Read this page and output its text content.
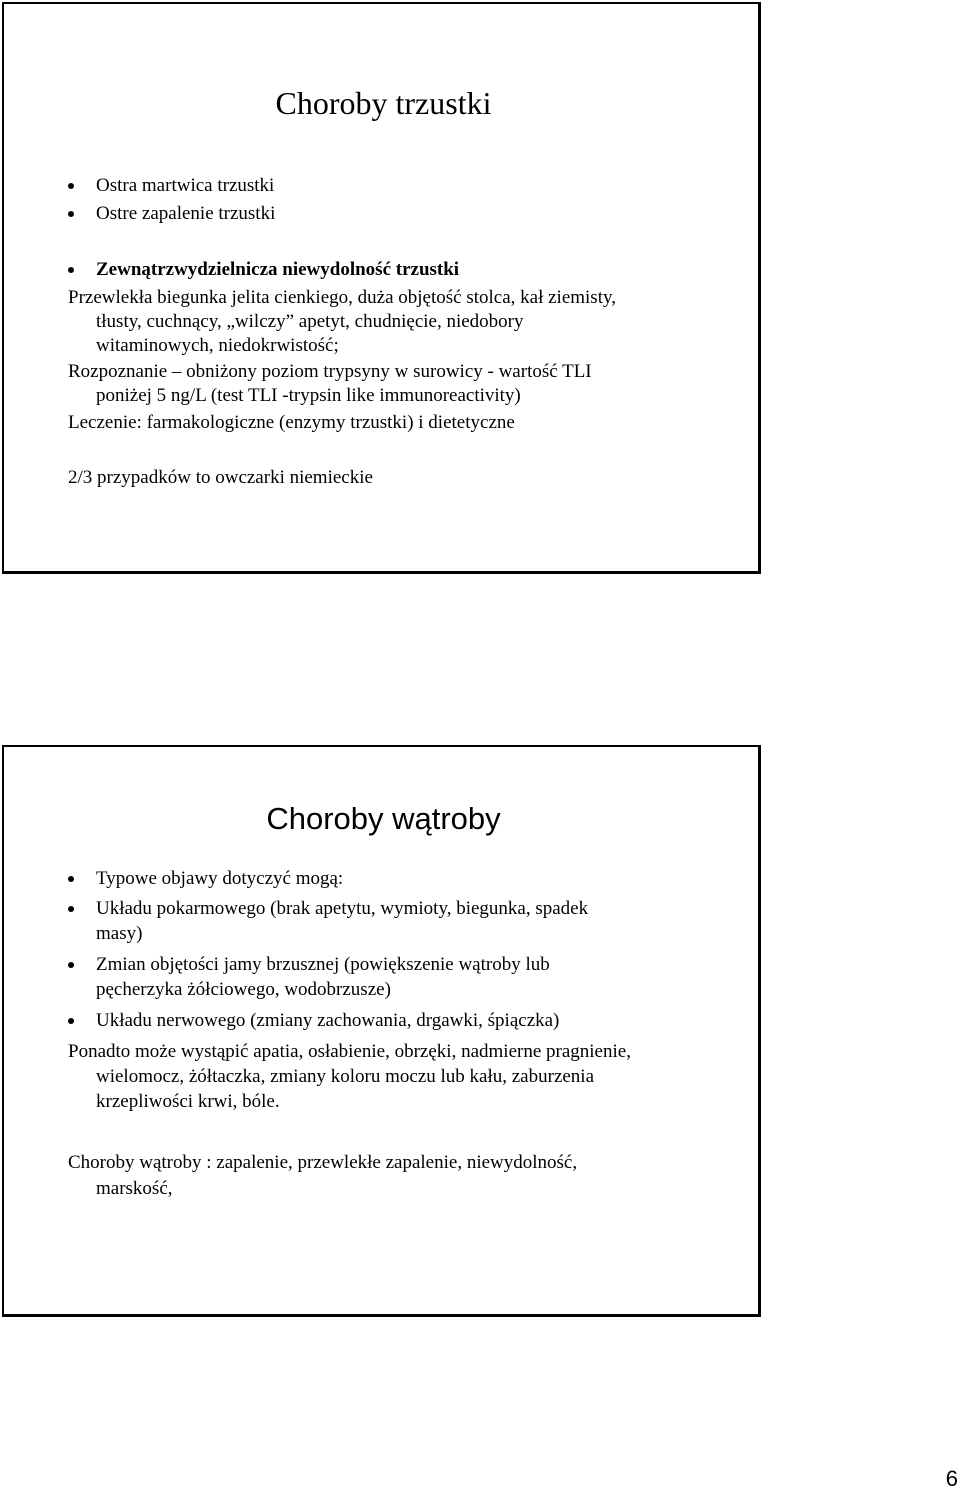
Choroby trzustki
Ostra martwica trzustki
Ostre zapalenie trzustki
Zewnątrzwydzielnicza niewydolność trzustki
Przewlekła biegunka jelita cienkiego, duża objętość stolca, kał ziemisty,
tłusty, cuchnący, „wilczy” apetyt, chudnięcie, niedobory
witaminowych, niedokrwistość;
Rozpoznanie – obniżony poziom trypsyny w surowicy - wartość TLI
poniżej 5 ng/L (test TLI -trypsin like immunoreactivity)
Leczenie: farmakologiczne (enzymy trzustki) i dietetyczne
2/3 przypadków to owczarki niemieckie
Choroby wątroby
Typowe objawy dotyczyć mogą:
Układu pokarmowego (brak apetytu, wymioty, biegunka, spadek
masy)
Zmian objętości jamy brzusznej (powiększenie wątroby lub
pęcherzyka żółciowego, wodobrzusze)
Układu nerwowego (zmiany zachowania, drgawki, śpiączka)
Ponadto może wystąpić apatia, osłabienie, obrzęki, nadmierne pragnienie,
wielomocz, żółtaczka, zmiany koloru moczu lub kału, zaburzenia
krzepliwości krwi, bóle.
Choroby wątroby : zapalenie, przewlekłe zapalenie, niewydolność,
marskość,
6
